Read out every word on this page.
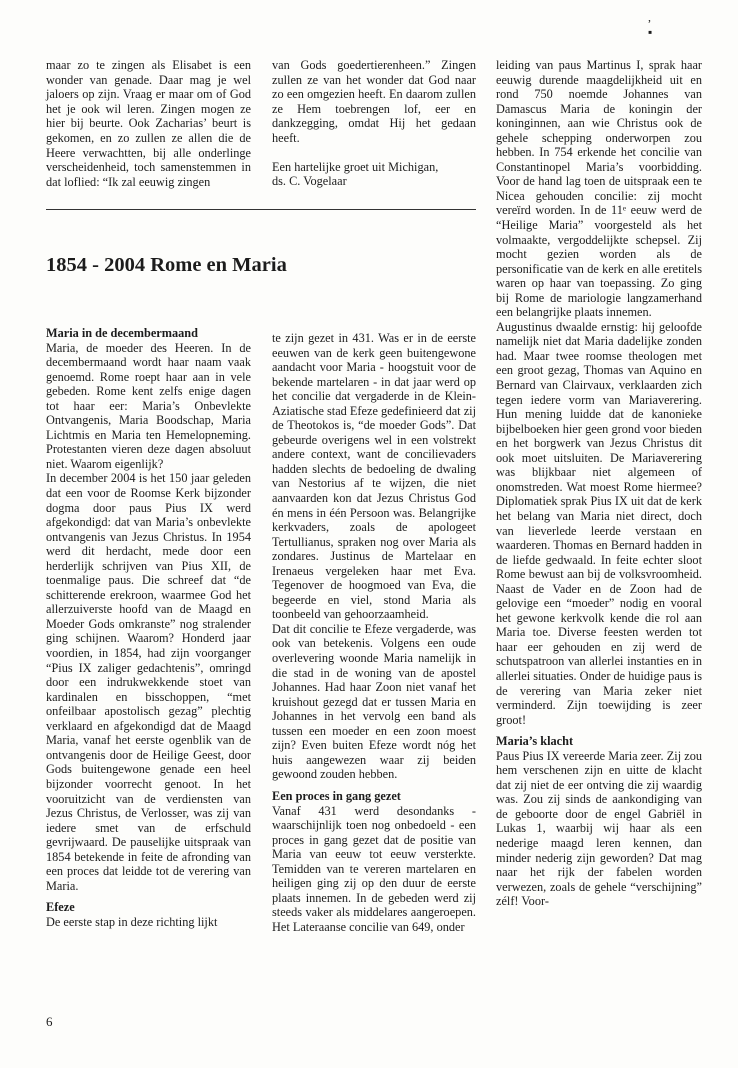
, ▪

maar zo te zingen als Elisabet is een wonder van genade. Daar mag je wel jaloers op zijn. Vraag er maar om of God het je ook wil leren. Zingen mogen ze hier bij beurte. Ook Zacharias’ beurt is gekomen, en zo zullen ze allen die de Heere verwachtten, bij alle onderlinge verscheidenheid, toch samenstemmen in dat loflied: “Ik zal eeuwig zingen

van Gods goedertierenheen.” Zingen zullen ze van het wonder dat God naar zo een omgezien heeft. En daarom zullen ze Hem toebrengen lof, eer en dankzegging, omdat Hij het gedaan heeft.

Een hartelijke groet uit Michigan,

ds. C. Vogelaar

1854 - 2004 Rome en Maria
Maria in de decembermaand

Maria, de moeder des Heeren. In de decembermaand wordt haar naam vaak genoemd. Rome roept haar aan in vele gebeden. Rome kent zelfs enige dagen tot haar eer: Maria’s Onbevlekte Ontvangenis, Maria Boodschap, Maria Lichtmis en Maria ten Hemelopneming. Protestanten vieren deze dagen absoluut niet. Waarom eigenlijk?

In december 2004 is het 150 jaar geleden dat een voor de Roomse Kerk bijzonder dogma door paus Pius IX werd afgekondigd: dat van Maria’s onbevlekte ontvangenis van Jezus Christus. In 1954 werd dit herdacht, mede door een herderlijk schrijven van Pius XII, de toenmalige paus. Die schreef dat “de schitterende erekroon, waarmee God het allerzuiverste hoofd van de Maagd en Moeder Gods omkranste” nog stralender ging schijnen. Waarom? Honderd jaar voordien, in 1854, had zijn voorganger “Pius IX zaliger gedachtenis”, omringd door een indrukwekkende stoet van kardinalen en bisschoppen, “met onfeilbaar apostolisch gezag” plechtig verklaard en afgekondigd dat de Maagd Maria, vanaf het eerste ogenblik van de ontvangenis door de Heilige Geest, door Gods buitengewone genade een heel bijzonder voorrecht genoot. In het vooruitzicht van de verdiensten van Jezus Christus, de Verlosser, was zij van iedere smet van de erfschuld gevrijwaard. De pauselijke uitspraak van 1854 betekende in feite de afronding van een proces dat leidde tot de verering van Maria.

Efeze

De eerste stap in deze richting lijkt

te zijn gezet in 431. Was er in de eerste eeuwen van de kerk geen buitengewone aandacht voor Maria - hoogstuit voor de bekende martelaren - in dat jaar werd op het concilie dat vergaderde in de Klein-Aziatische stad Efeze gedefinieerd dat zij de Theotokos is, “de moeder Gods”. Dat gebeurde overigens wel in een volstrekt andere context, want de concilievaders hadden slechts de bedoeling de dwaling van Nestorius af te wijzen, die niet aanvaarden kon dat Jezus Christus God én mens in één Persoon was. Belangrijke kerkvaders, zoals de apologeet Tertullianus, spraken nog over Maria als zondares. Justinus de Martelaar en Irenaeus vergeleken haar met Eva. Tegenover de hoogmoed van Eva, die begeerde en viel, stond Maria als toonbeeld van gehoorzaamheid.

Dat dit concilie te Efeze vergaderde, was ook van betekenis. Volgens een oude overlevering woonde Maria namelijk in die stad in de woning van de apostel Johannes. Had haar Zoon niet vanaf het kruishout gezegd dat er tussen Maria en Johannes in het vervolg een band als tussen een moeder en een zoon moest zijn? Even buiten Efeze wordt nóg het huis aangewezen waar zij beiden gewoond zouden hebben.

Een proces in gang gezet

Vanaf 431 werd desondanks - waarschijnlijk toen nog onbedoeld - een proces in gang gezet dat de positie van Maria van eeuw tot eeuw versterkte. Temidden van te vereren martelaren en heiligen ging zij op den duur de eerste plaats innemen. In de gebeden werd zij steeds vaker als middelares aangeroepen. Het Lateraanse concilie van 649, onder

leiding van paus Martinus I, sprak haar eeuwig durende maagdelijkheid uit en rond 750 noemde Johannes van Damascus Maria de koningin der koninginnen, aan wie Christus ook de gehele schepping onderworpen zou hebben. In 754 erkende het concilie van Constantinopel Maria’s voorbidding. Voor de hand lag toen de uitspraak een te Nicea gehouden concilie: zij mocht vereïrd worden. In de 11ᵉ eeuw werd de “Heilige Maria” voorgesteld als het volmaakte, vergoddelijkte schepsel. Zij mocht gezien worden als de personificatie van de kerk en alle eretitels waren op haar van toepassing. Zo ging bij Rome de mariologie langzamerhand een belangrijke plaats innemen.

Augustinus dwaalde ernstig: hij geloofde namelijk niet dat Maria dadelijke zonden had. Maar twee roomse theologen met een groot gezag, Thomas van Aquino en Bernard van Clairvaux, verklaarden zich tegen iedere vorm van Mariaverering. Hun mening luidde dat de kanonieke bijbelboeken hier geen grond voor bieden en het borgwerk van Jezus Christus dit ook moet uitsluiten. De Mariaverering was blijkbaar niet algemeen of onomstreden. Wat moest Rome hiermee? Diplomatiek sprak Pius IX uit dat de kerk het belang van Maria niet direct, doch van lieverlede leerde verstaan en waarderen. Thomas en Bernard hadden in de liefde gedwaald. In feite echter sloot Rome bewust aan bij de volksvroomheid. Naast de Vader en de Zoon had de gelovige een “moeder” nodig en vooral het gewone kerkvolk kende die rol aan Maria toe. Diverse feesten werden tot haar eer gehouden en zij werd de schutspatroon van allerlei instanties en in allerlei situaties. Onder de huidige paus is de verering van Maria zeker niet verminderd. Zijn toewijding is zeer groot!

Maria’s klacht

Paus Pius IX vereerde Maria zeer. Zij zou hem verschenen zijn en uitte de klacht dat zij niet de eer ontving die zij waardig was. Zou zij sinds de aankondiging van de geboorte door de engel Gabriël in Lukas 1, waarbij wij haar als een nederige maagd leren kennen, dan minder nederig zijn geworden? Dat mag naar het rijk der fabelen worden verwezen, zoals de gehele “verschijning” zélf! Voor-

6
